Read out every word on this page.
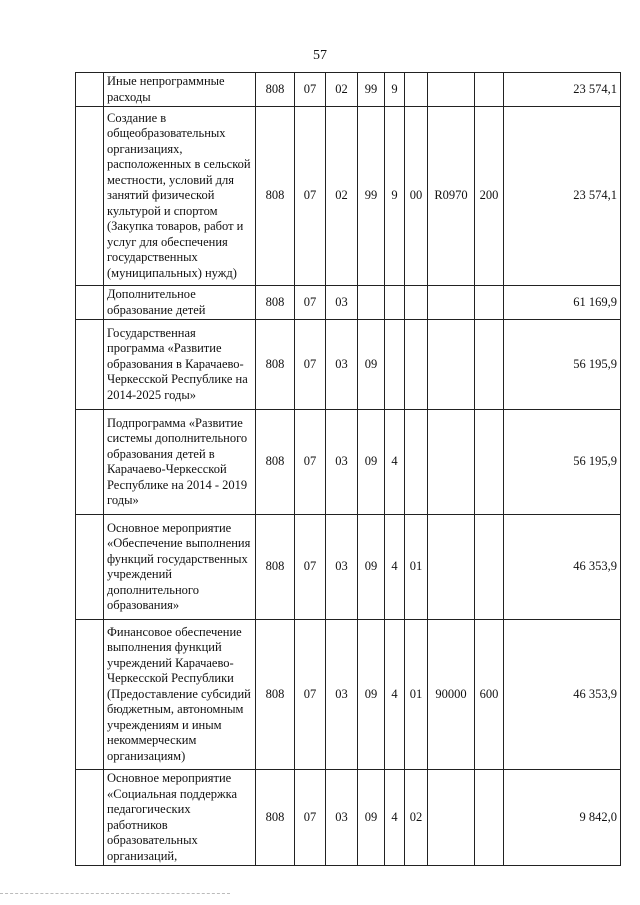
57
	Иные непрограммные расходы	808	07	02	99	9				23 574,1
	Создание в общеобразовательных организациях, расположенных в сельской местности, условий для занятий физической культурой и спортом (Закупка товаров, работ и услуг для обеспечения государственных (муниципальных) нужд)	808	07	02	99	9	00	R0970	200	23 574,1
	Дополнительное образование детей	808	07	03						61 169,9
	Государственная программа «Развитие образования в Карачаево-Черкесской Республике на 2014-2025 годы»	808	07	03	09					56 195,9
	Подпрограмма «Развитие системы дополнительного образования детей в Карачаево-Черкесской Республике на 2014 - 2019 годы»	808	07	03	09	4				56 195,9
	Основное мероприятие «Обеспечение выполнения функций государственных учреждений дополнительного образования»	808	07	03	09	4	01			46 353,9
	Финансовое обеспечение выполнения функций учреждений Карачаево-Черкесской Республики (Предоставление субсидий бюджетным, автономным учреждениям и иным некоммерческим организациям)	808	07	03	09	4	01	90000	600	46 353,9
	Основное мероприятие «Социальная поддержка педагогических работников образовательных организаций,	808	07	03	09	4	02			9 842,0
